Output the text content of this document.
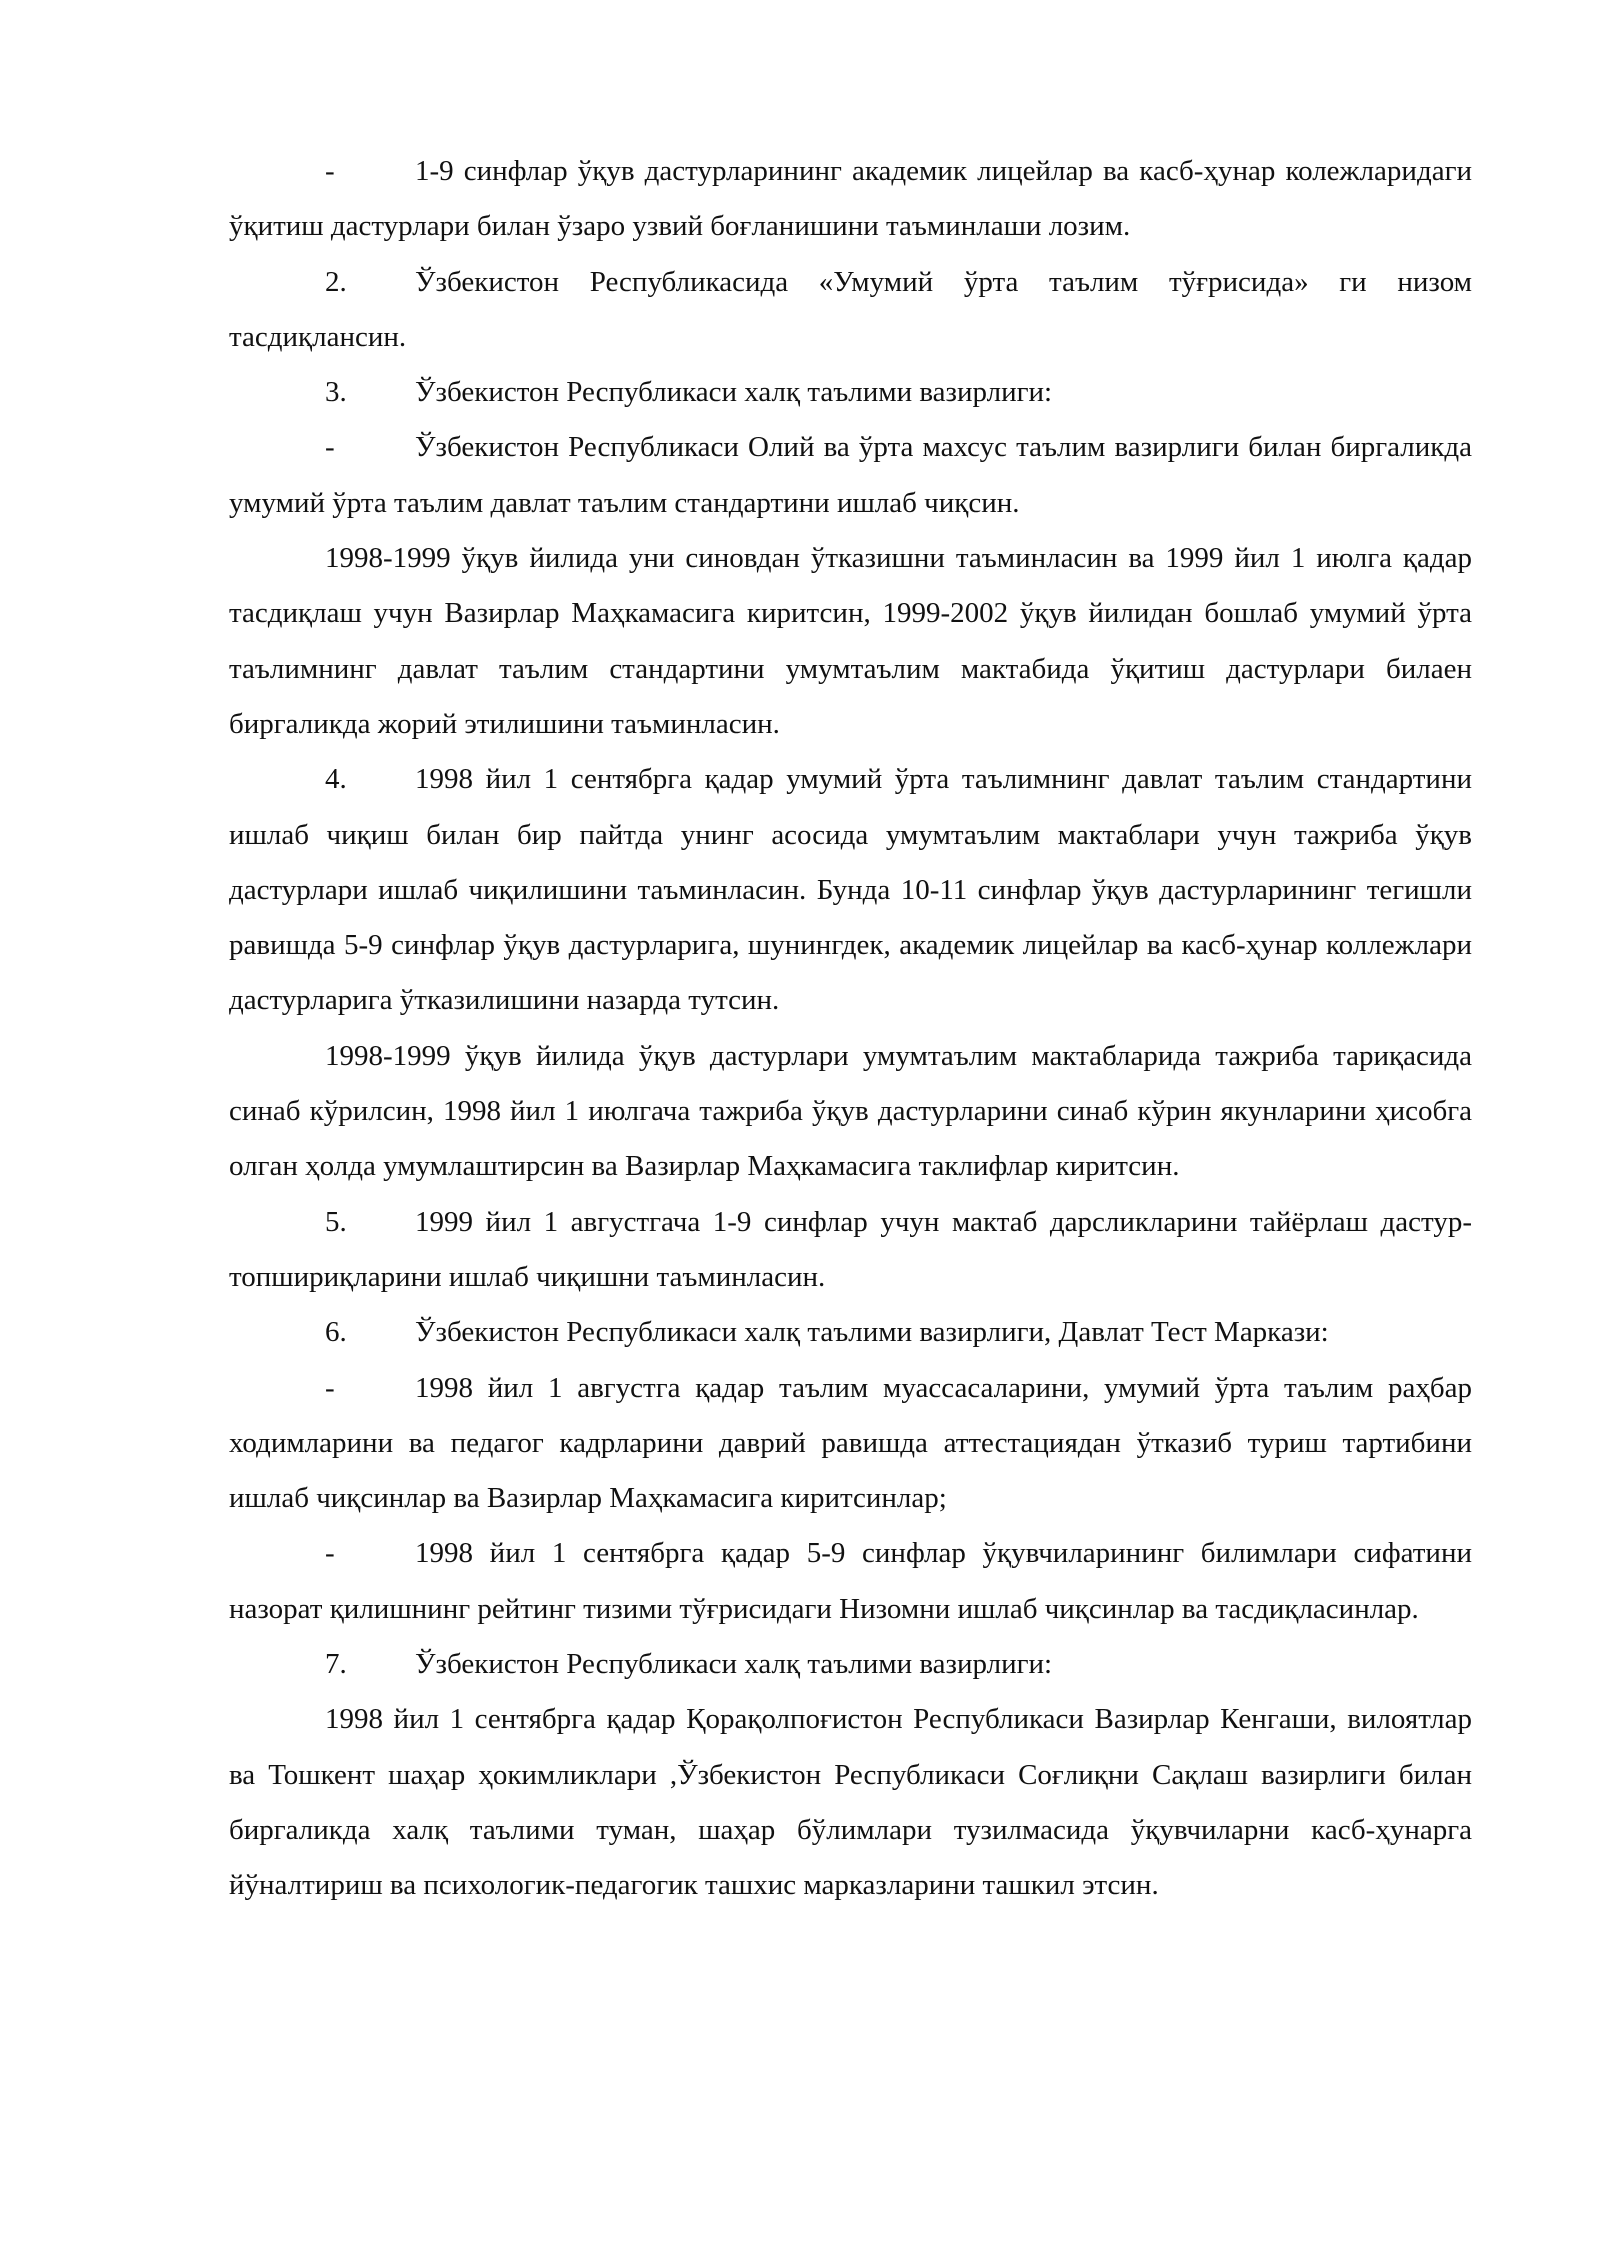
-	1-9 синфлар ўқув дастурларининг академик лицейлар ва касб-ҳунар колежларидаги ўқитиш дастурлари билан ўзаро узвий боғланишини таъминлаши лозим.

2. Ўзбекистон Республикасида «Умумий ўрта таълим тўғрисида» ги низом тасдиқлансин.

3. Ўзбекистон Республикаси халқ таълими вазирлиги:

-	Ўзбекистон Республикаси Олий ва ўрта махсус таълим вазирлиги билан биргаликда умумий ўрта таълим давлат таълим стандартини ишлаб чиқсин.

1998-1999 ўқув йилида уни синовдан ўтказишни таъминласин ва 1999 йил 1 июлга қадар тасдиқлаш учун Вазирлар Маҳкамасига киритсин, 1999-2002 ўқув йилидан бошлаб умумий ўрта таълимнинг давлат таълим стандартини умумтаълим мактабида ўқитиш дастурлари билаен биргаликда жорий этилишини таъминласин.

4. 1998 йил 1 сентябрга қадар умумий ўрта таълимнинг давлат таълим стандартини ишлаб чиқиш билан бир пайтда унинг асосида умумтаълим мактаблари учун тажриба ўқув дастурлари ишлаб чиқилишини таъминласин. Бунда 10-11 синфлар ўқув дастурларининг тегишли равишда 5-9 синфлар ўқув дастурларига, шунингдек, академик лицейлар ва касб-ҳунар коллежлари дастурларига ўтказилишини назарда тутсин.

1998-1999 ўқув йилида ўқув дастурлари умумтаълим мактабларида тажриба тариқасида синаб кўрилсин, 1998 йил 1 июлгача тажриба ўқув дастурларини синаб кўрин якунларини ҳисобга олган ҳолда умумлаштирсин ва Вазирлар Маҳкамасига таклифлар киритсин.

5. 1999 йил 1 августгача 1-9 синфлар учун мактаб дарсликларини тайёрлаш дастур-топшириқларини ишлаб чиқишни таъминласин.

6. Ўзбекистон Республикаси халқ таълими вазирлиги, Давлат Тест Маркази:

-	1998 йил 1 августга қадар таълим муассасаларини, умумий ўрта таълим раҳбар ходимларини ва педагог кадрларини даврий равишда аттестациядан ўтказиб туриш тартибини ишлаб чиқсинлар ва Вазирлар Маҳкамасига киритсинлар;

-	1998 йил 1 сентябрга қадар 5-9 синфлар ўқувчиларининг билимлари сифатини назорат қилишнинг рейтинг тизими тўғрисидаги Низомни ишлаб чиқсинлар ва тасдиқласинлар.

7. Ўзбекистон Республикаси халқ таълими вазирлиги:

1998 йил 1 сентябрга қадар Қорақолпоғистон Республикаси Вазирлар Кенгаши, вилоятлар ва Тошкент шаҳар ҳокимликлари ,Ўзбекистон Республикаси Соғлиқни Сақлаш вазирлиги билан биргаликда халқ таълими туман, шаҳар бўлимлари тузилмасида ўқувчиларни касб-ҳунарга йўналтириш ва психологик-педагогик ташхис марказларини ташкил этсин.
